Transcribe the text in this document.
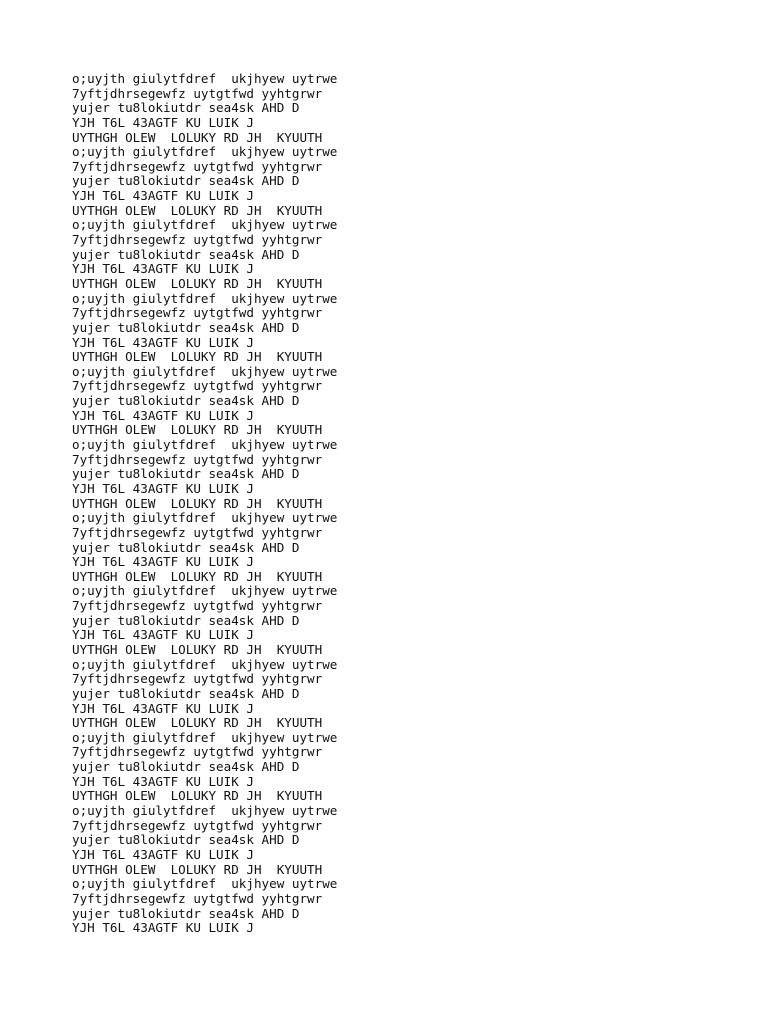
o;uyjth giulytfdref  ukjhyew uytrwe
7yftjdhrsegewfz uytgtfwd yyhtgrwr
yujer tu8lokiutdr sea4sk AHD D
YJH T6L 43AGTF KU LUIK J
UYTHGH OLEW  LOLUKY RD JH  KYUUTH
o;uyjth giulytfdref  ukjhyew uytrwe
7yftjdhrsegewfz uytgtfwd yyhtgrwr
yujer tu8lokiutdr sea4sk AHD D
YJH T6L 43AGTF KU LUIK J
UYTHGH OLEW  LOLUKY RD JH  KYUUTH
o;uyjth giulytfdref  ukjhyew uytrwe
7yftjdhrsegewfz uytgtfwd yyhtgrwr
yujer tu8lokiutdr sea4sk AHD D
YJH T6L 43AGTF KU LUIK J
UYTHGH OLEW  LOLUKY RD JH  KYUUTH
o;uyjth giulytfdref  ukjhyew uytrwe
7yftjdhrsegewfz uytgtfwd yyhtgrwr
yujer tu8lokiutdr sea4sk AHD D
YJH T6L 43AGTF KU LUIK J
UYTHGH OLEW  LOLUKY RD JH  KYUUTH
o;uyjth giulytfdref  ukjhyew uytrwe
7yftjdhrsegewfz uytgtfwd yyhtgrwr
yujer tu8lokiutdr sea4sk AHD D
YJH T6L 43AGTF KU LUIK J
UYTHGH OLEW  LOLUKY RD JH  KYUUTH
o;uyjth giulytfdref  ukjhyew uytrwe
7yftjdhrsegewfz uytgtfwd yyhtgrwr
yujer tu8lokiutdr sea4sk AHD D
YJH T6L 43AGTF KU LUIK J
UYTHGH OLEW  LOLUKY RD JH  KYUUTH
o;uyjth giulytfdref  ukjhyew uytrwe
7yftjdhrsegewfz uytgtfwd yyhtgrwr
yujer tu8lokiutdr sea4sk AHD D
YJH T6L 43AGTF KU LUIK J
UYTHGH OLEW  LOLUKY RD JH  KYUUTH
o;uyjth giulytfdref  ukjhyew uytrwe
7yftjdhrsegewfz uytgtfwd yyhtgrwr
yujer tu8lokiutdr sea4sk AHD D
YJH T6L 43AGTF KU LUIK J
UYTHGH OLEW  LOLUKY RD JH  KYUUTH
o;uyjth giulytfdref  ukjhyew uytrwe
7yftjdhrsegewfz uytgtfwd yyhtgrwr
yujer tu8lokiutdr sea4sk AHD D
YJH T6L 43AGTF KU LUIK J
UYTHGH OLEW  LOLUKY RD JH  KYUUTH
o;uyjth giulytfdref  ukjhyew uytrwe
7yftjdhrsegewfz uytgtfwd yyhtgrwr
yujer tu8lokiutdr sea4sk AHD D
YJH T6L 43AGTF KU LUIK J
UYTHGH OLEW  LOLUKY RD JH  KYUUTH
o;uyjth giulytfdref  ukjhyew uytrwe
7yftjdhrsegewfz uytgtfwd yyhtgrwr
yujer tu8lokiutdr sea4sk AHD D
YJH T6L 43AGTF KU LUIK J
UYTHGH OLEW  LOLUKY RD JH  KYUUTH
o;uyjth giulytfdref  ukjhyew uytrwe
7yftjdhrsegewfz uytgtfwd yyhtgrwr
yujer tu8lokiutdr sea4sk AHD D
YJH T6L 43AGTF KU LUIK J
